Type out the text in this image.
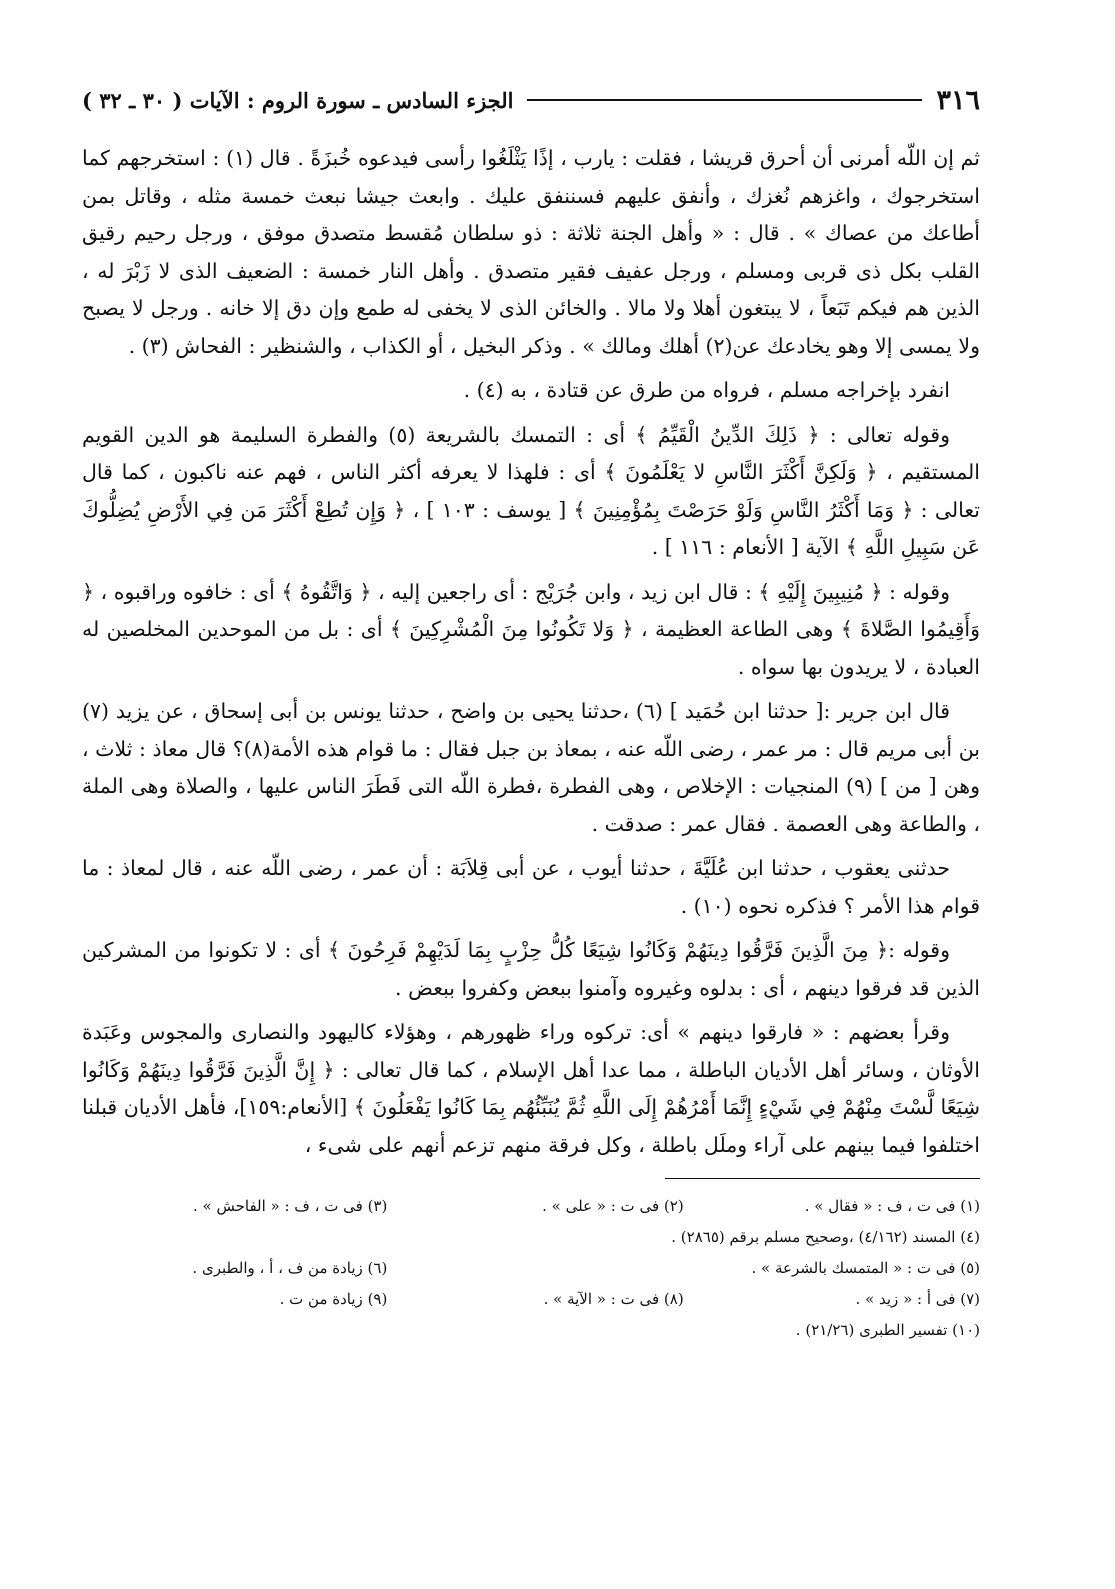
٣١٦
الجزء السادس ـ سورة الروم : الآيات ( ٣٠ ـ ٣٢ )

ثم إن اللّه أمرنى أن أحرق قريشا ، فقلت : يارب ، إذًا يَثْلَغُوا رأسى فيدعوه خُبزَةً . قال (١) : استخرجهم كما استخرجوك ، واغزهم نُغزك ، وأنفق عليهم فسننفق عليك . وابعث جيشا نبعث خمسة مثله ، وقاتل بمن أطاعك من عصاك » . قال : « وأهل الجنة ثلاثة : ذو سلطان مُقسط متصدق موفق ، ورجل رحيم رقيق القلب بكل ذى قربى ومسلم ، ورجل عفيف فقير متصدق . وأهل النار خمسة : الضعيف الذى لا زَبْرَ له ، الذين هم فيكم تَبَعاً ، لا يبتغون أهلا ولا مالا . والخائن الذى لا يخفى له طمع وإن دق إلا خانه . ورجل لا يصبح ولا يمسى إلا وهو يخادعك عن(٢) أهلك ومالك » . وذكر البخيل ، أو الكذاب ، والشنظير : الفحاش (٣) .

انفرد بإخراجه مسلم ، فرواه من طرق عن قتادة ، به (٤) .

وقوله تعالى : ﴿ ذَلِكَ الدِّينُ الْقَيِّمُ ﴾ أى : التمسك بالشريعة (٥) والفطرة السليمة هو الدين القويم المستقيم ، ﴿ وَلَكِنَّ أَكْثَرَ النَّاسِ لا يَعْلَمُونَ ﴾ أى : فلهذا لا يعرفه أكثر الناس ، فهم عنه ناكبون ، كما قال تعالى : ﴿ وَمَا أَكْثَرُ النَّاسِ وَلَوْ حَرَصْتَ بِمُؤْمِنِينَ ﴾ [ يوسف : ١٠٣ ] ، ﴿ وَإِن تُطِعْ أَكْثَرَ مَن فِي الأَرْضِ يُضِلُّوكَ عَن سَبِيلِ اللَّهِ ﴾ الآية [ الأنعام : ١١٦ ] .

وقوله : ﴿ مُنِيبِينَ إِلَيْهِ ﴾ : قال ابن زيد ، وابن جُرَيْج : أى راجعين إليه ، ﴿ وَاتَّقُوهُ ﴾ أى : خافوه وراقبوه ، ﴿ وَأَقِيمُوا الصَّلاةَ ﴾ وهى الطاعة العظيمة ، ﴿ وَلا تَكُونُوا مِنَ الْمُشْرِكِينَ ﴾ أى : بل من الموحدين المخلصين له العبادة ، لا يريدون بها سواه .

قال ابن جرير :[ حدثنا ابن حُمَيد ] (٦) ،حدثنا يحيى بن واضح ، حدثنا يونس بن أبى إسحاق ، عن يزيد (٧) بن أبى مريم قال : مر عمر ، رضى اللّه عنه ، بمعاذ بن جبل فقال : ما قوام هذه الأمة(٨)؟ قال معاذ : ثلاث ، وهن [ من ] (٩) المنجيات : الإخلاص ، وهى الفطرة ،فطرة اللّه التى فَطَرَ الناس عليها ، والصلاة وهى الملة ، والطاعة وهى العصمة . فقال عمر : صدقت .

حدثنى يعقوب ، حدثنا ابن عُلَيَّةَ ، حدثنا أيوب ، عن أبى قِلاَبَة : أن عمر ، رضى اللّه عنه ، قال لمعاذ : ما قوام هذا الأمر ؟ فذكره نحوه (١٠) .

وقوله :﴿ مِنَ الَّذِينَ فَرَّقُوا دِينَهُمْ وَكَانُوا شِيَعًا كُلُّ حِزْبٍ بِمَا لَدَيْهِمْ فَرِحُونَ ﴾ أى : لا تكونوا من المشركين الذين قد فرقوا دينهم ، أى : بدلوه وغيروه وآمنوا ببعض وكفروا ببعض .

وقرأ بعضهم : « فارقوا دينهم » أى: تركوه وراء ظهورهم ، وهؤلاء كاليهود والنصارى والمجوس وعَبَدة الأوثان ، وسائر أهل الأديان الباطلة ، مما عدا أهل الإسلام ، كما قال تعالى : ﴿ إِنَّ الَّذِينَ فَرَّقُوا دِينَهُمْ وَكَانُوا شِيَعًا لَّسْتَ مِنْهُمْ فِي شَيْءٍ إِنَّمَا أَمْرُهُمْ إِلَى اللَّهِ ثُمَّ يُنَبِّئُهُم بِمَا كَانُوا يَفْعَلُونَ ﴾ [الأنعام:١٥٩]، فأهل الأديان قبلنا اختلفوا فيما بينهم على آراء وملَل باطلة ، وكل فرقة منهم تزعم أنهم على شىء ،

(١) فى ت ، ف : « فقال » .
(٢) فى ت : « على » .
(٣) فى ت ، ف : « الفاحش » .
(٤) المسند (٤/١٦٢) ،وصحيح مسلم برقم (٢٨٦٥) .
(٥) فى ت : « المتمسك بالشرعة » .
(٦) زيادة من ف ، أ ، والطبرى .
(٧) فى أ : « زيد » .
(٨) فى ت : « الآية » .
(٩) زيادة من ت .
(١٠) تفسير الطبرى (٢١/٢٦) .
